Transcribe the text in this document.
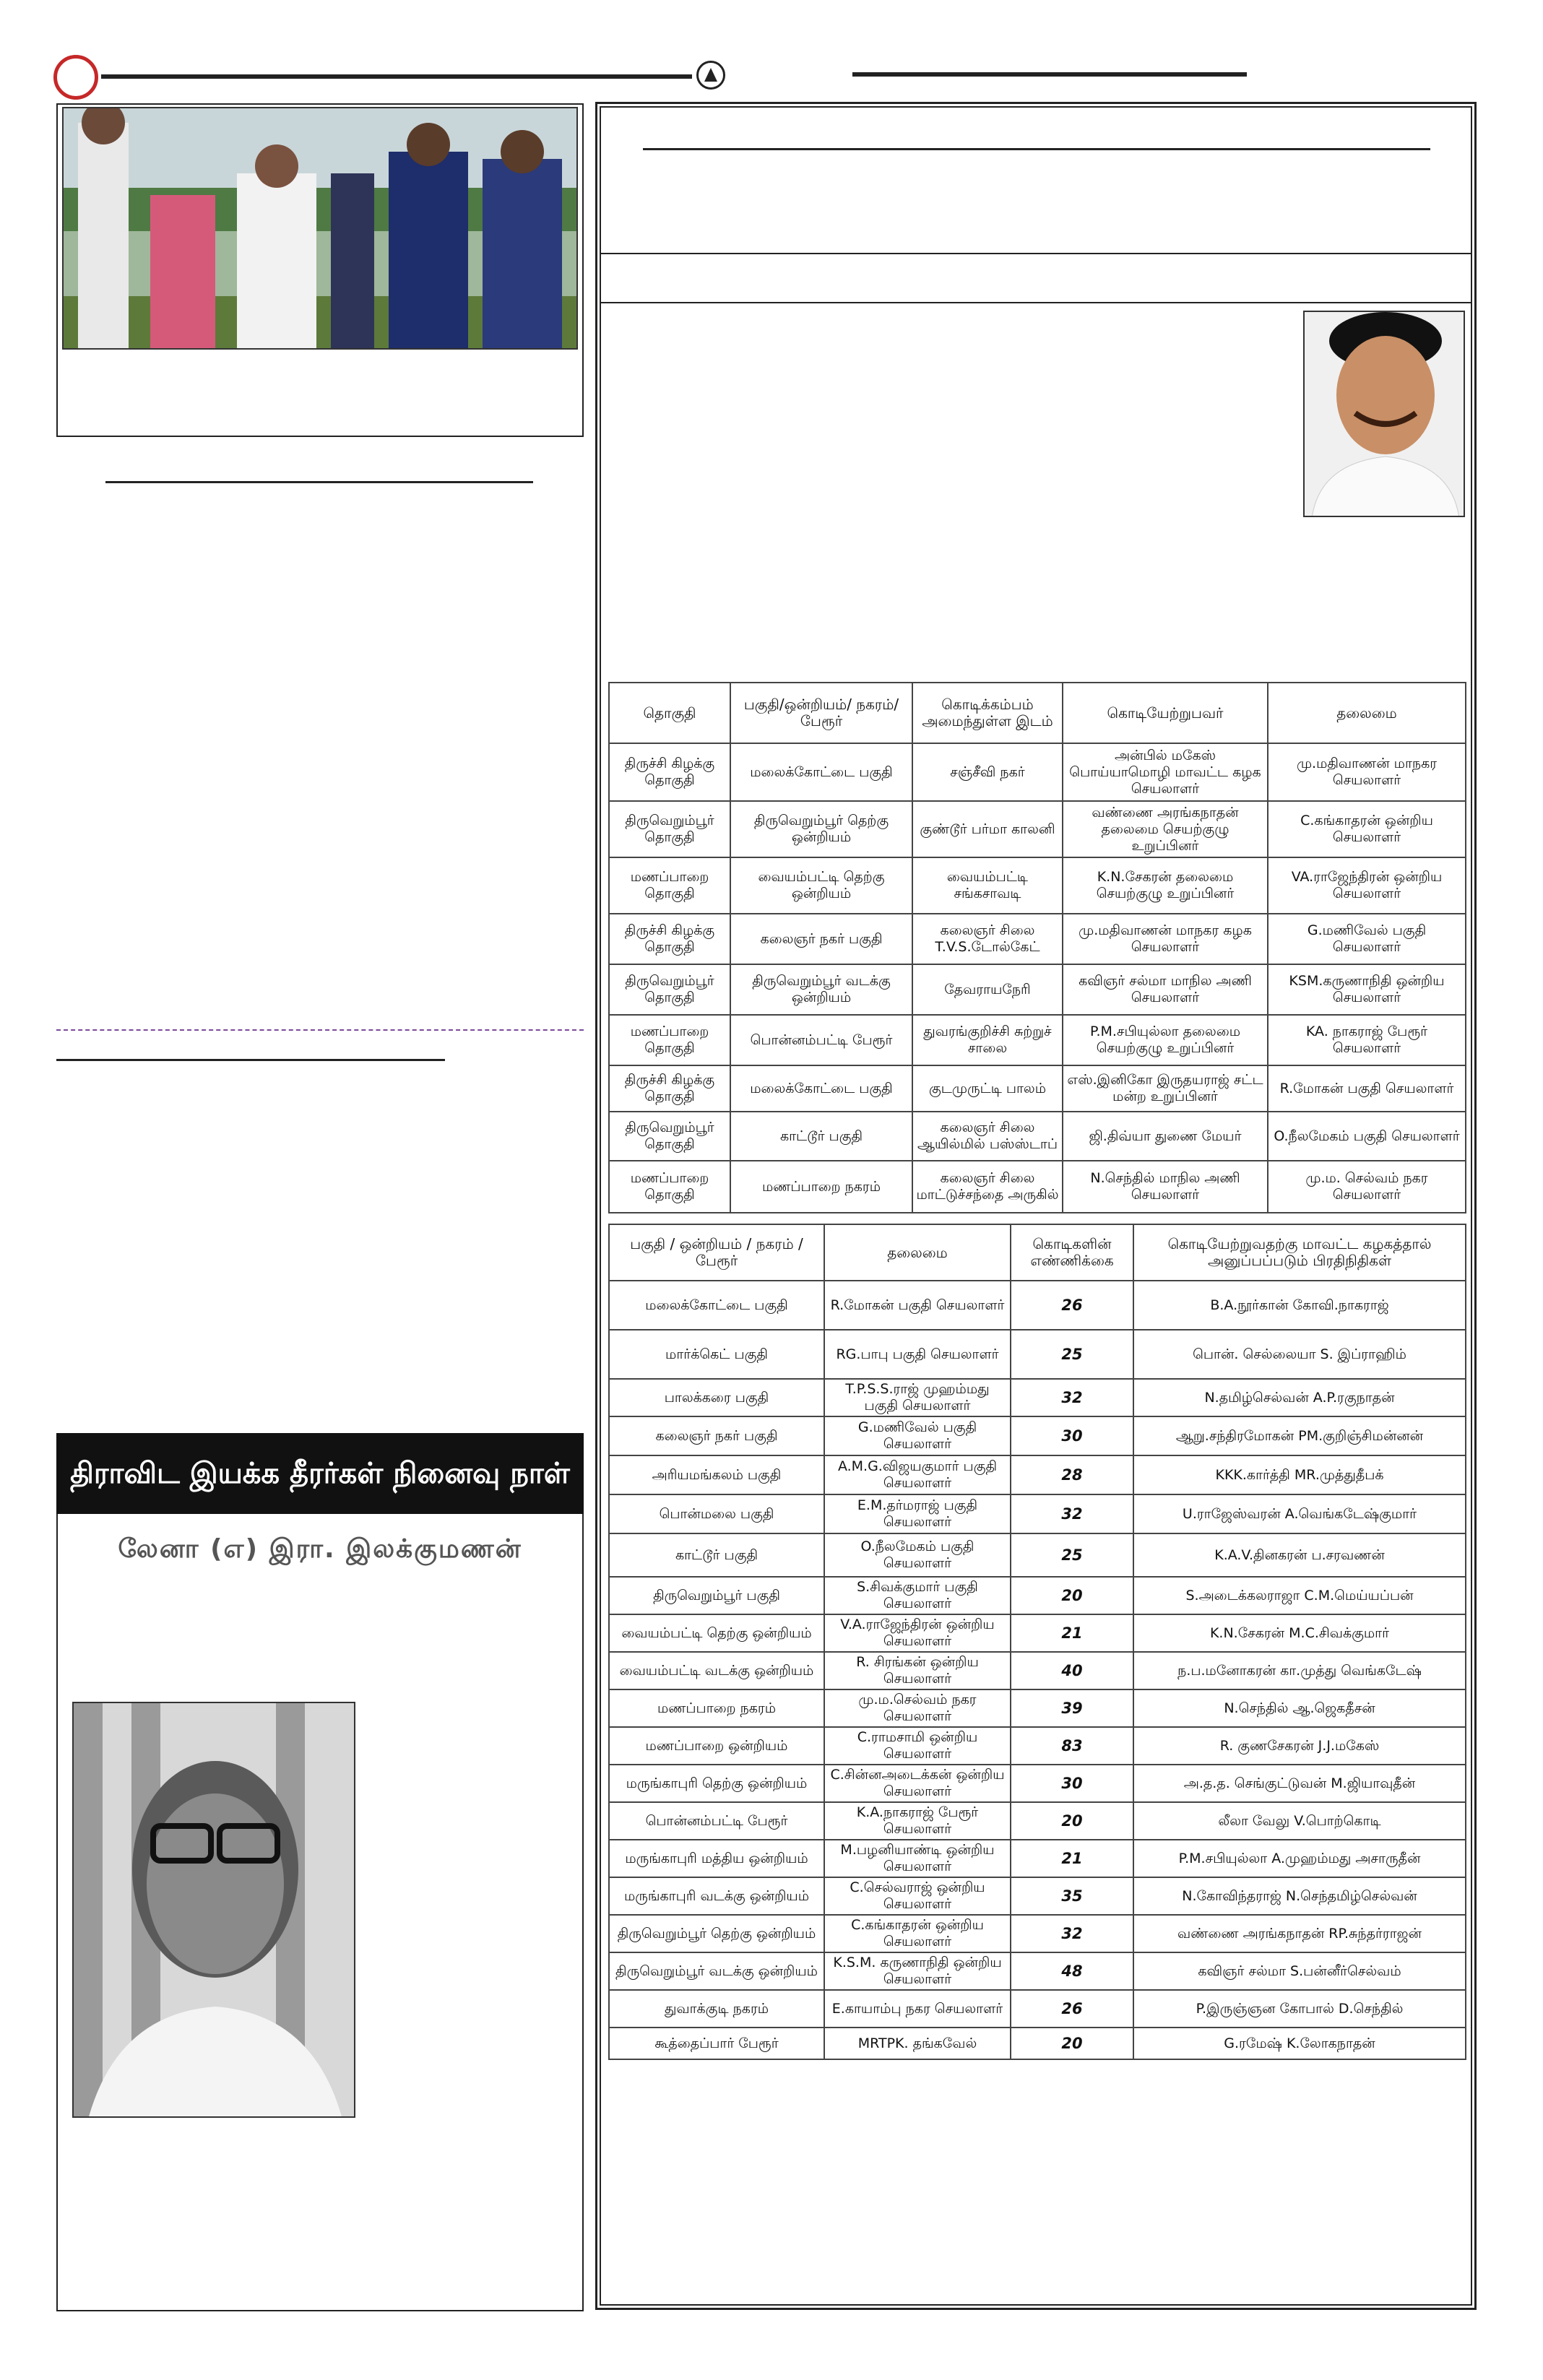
திராவிட இயக்க தீரர்கள் நினைவு நாள்
லேனா (எ) இரா. இலக்குமணன்
தொகுதி	பகுதி/ஒன்றியம்/ நகரம்/பேரூர்	கொடிக்கம்பம் அமைந்துள்ள இடம்	கொடியேற்றுபவர்	தலைமை
திருச்சி கிழக்கு தொகுதி	மலைக்கோட்டை பகுதி	சஞ்சீவி நகர்	அன்பில் மகேஸ் பொய்யாமொழி மாவட்ட கழக செயலாளர்	மு.மதிவாணன் மாநகர செயலாளர்
திருவெறும்பூர் தொகுதி	திருவெறும்பூர் தெற்கு ஒன்றியம்	குண்டூர் பர்மா காலனி	வண்ணை அரங்கநாதன் தலைமை செயற்குழு உறுப்பினர்	C.கங்காதரன் ஒன்றிய செயலாளர்
மணப்பாறை தொகுதி	வையம்பட்டி தெற்கு ஒன்றியம்	வையம்பட்டி சங்கசாவடி	K.N.சேகரன் தலைமை செயற்குழு உறுப்பினர்	VA.ராஜேந்திரன் ஒன்றிய செயலாளர்
திருச்சி கிழக்கு தொகுதி	கலைஞர் நகர் பகுதி	கலைஞர் சிலை T.V.S.டோல்கேட்	மு.மதிவாணன் மாநகர கழக செயலாளர்	G.மணிவேல் பகுதி செயலாளர்
திருவெறும்பூர் தொகுதி	திருவெறும்பூர் வடக்கு ஒன்றியம்	தேவராயநேரி	கவிஞர் சல்மா மாநில அணி செயலாளர்	KSM.கருணாநிதி ஒன்றிய செயலாளர்
மணப்பாறை தொகுதி	பொன்னம்பட்டி பேரூர்	துவரங்குறிச்சி சுற்றுச் சாலை	P.M.சபியுல்லா தலைமை செயற்குழு உறுப்பினர்	KA. நாகராஜ் பேரூர் செயலாளர்
திருச்சி கிழக்கு தொகுதி	மலைக்கோட்டை பகுதி	குடமுருட்டி பாலம்	எஸ்.இனிகோ இருதயராஜ் சட்ட மன்ற உறுப்பினர்	R.மோகன் பகுதி செயலாளர்
திருவெறும்பூர் தொகுதி	காட்டூர் பகுதி	கலைஞர் சிலை ஆயில்மில் பஸ்ஸ்டாப்	ஜி.திவ்யா துணை மேயர்	O.நீலமேகம் பகுதி செயலாளர்
மணப்பாறை தொகுதி	மணப்பாறை நகரம்	கலைஞர் சிலை மாட்டுச்சந்தை அருகில்	N.செந்தில் மாநில அணி செயலாளர்	மு.ம. செல்வம் நகர செயலாளர்
பகுதி / ஒன்றியம் / நகரம் / பேரூர்	தலைமை	கொடிகளின் எண்ணிக்கை	கொடியேற்றுவதற்கு மாவட்ட கழகத்தால் அனுப்பப்படும் பிரதிநிதிகள்
மலைக்கோட்டை பகுதி	R.மோகன் பகுதி செயலாளர்	26	B.A.நூர்கான் கோவி.நாகராஜ்
மார்க்கெட் பகுதி	RG.பாபு பகுதி செயலாளர்	25	பொன். செல்லையா S. இப்ராஹிம்
பாலக்கரை பகுதி	T.P.S.S.ராஜ் முஹம்மது பகுதி செயலாளர்	32	N.தமிழ்செல்வன் A.P.ரகுநாதன்
கலைஞர் நகர் பகுதி	G.மணிவேல் பகுதி செயலாளர்	30	ஆறு.சந்திரமோகன் PM.குறிஞ்சிமன்னன்
அரியமங்கலம் பகுதி	A.M.G.விஜயகுமார் பகுதி செயலாளர்	28	KKK.கார்த்தி MR.முத்துதீபக்
பொன்மலை பகுதி	E.M.தர்மராஜ் பகுதி செயலாளர்	32	U.ராஜேஸ்வரன் A.வெங்கடேஷ்குமார்
காட்டூர் பகுதி	O.நீலமேகம் பகுதி செயலாளர்	25	K.A.V.தினகரன் ப.சரவணன்
திருவெறும்பூர் பகுதி	S.சிவக்குமார் பகுதி செயலாளர்	20	S.அடைக்கலராஜா C.M.மெய்யப்பன்
வையம்பட்டி தெற்கு ஒன்றியம்	V.A.ராஜேந்திரன் ஒன்றிய செயலாளர்	21	K.N.சேகரன் M.C.சிவக்குமார்
வையம்பட்டி வடக்கு ஒன்றியம்	R. சிரங்கன் ஒன்றிய செயலாளர்	40	ந.ப.மனோகரன் கா.முத்து வெங்கடேஷ்
மணப்பாறை நகரம்	மு.ம.செல்வம் நகர செயலாளர்	39	N.செந்தில் ஆ.ஜெகதீசன்
மணப்பாறை ஒன்றியம்	C.ராமசாமி ஒன்றிய செயலாளர்	83	R. குணசேகரன் J.J.மகேஸ்
மருங்காபுரி தெற்கு ஒன்றியம்	C.சின்னஅடைக்கன் ஒன்றிய செயலாளர்	30	அ.த.த. செங்குட்டுவன் M.ஜியாவுதீன்
பொன்னம்பட்டி பேரூர்	K.A.நாகராஜ் பேரூர் செயலாளர்	20	லீலா வேலு V.பொற்கொடி
மருங்காபுரி மத்திய ஒன்றியம்	M.பழனியாண்டி ஒன்றிய செயலாளர்	21	P.M.சபியுல்லா A.முஹம்மது அசாருதீன்
மருங்காபுரி வடக்கு ஒன்றியம்	C.செல்வராஜ் ஒன்றிய செயலாளர்	35	N.கோவிந்தராஜ் N.செந்தமிழ்செல்வன்
திருவெறும்பூர் தெற்கு ஒன்றியம்	C.கங்காதரன் ஒன்றிய செயலாளர்	32	வண்ணை அரங்கநாதன் RP.சுந்தர்ராஜன்
திருவெறும்பூர் வடக்கு ஒன்றியம்	K.S.M. கருணாநிதி ஒன்றிய செயலாளர்	48	கவிஞர் சல்மா S.பன்னீர்செல்வம்
துவாக்குடி நகரம்	E.காயாம்பு நகர செயலாளர்	26	P.இருஞ்ஞன கோபால் D.செந்தில்
கூத்தைப்பார் பேரூர்	MRTPK. தங்கவேல்	20	G.ரமேஷ் K.லோகநாதன்
